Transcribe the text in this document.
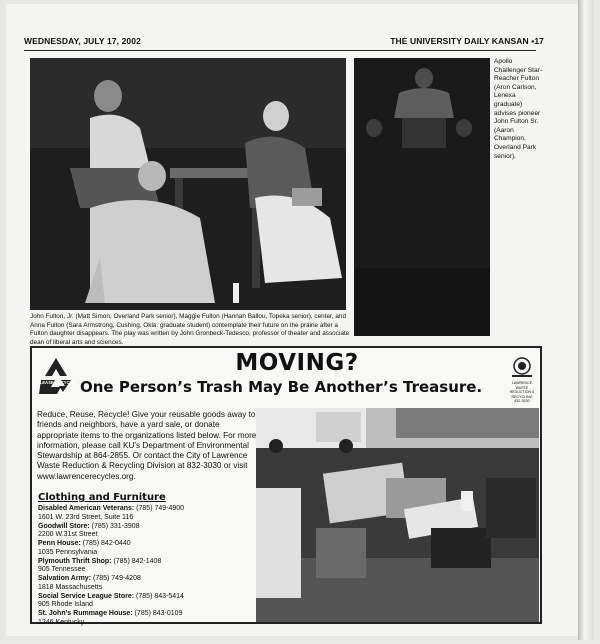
WEDNESDAY, JULY 17, 2002	THE UNIVERSITY DAILY KANSAN ▪17
Apollo Challenger Star-Reacher Fulton (Aron Carlson, Lenexa graduate) advises pioneer John Fulton Sr. (Aaron Champion, Overland Park senior).
John Fulton, Jr. (Matt Simon, Overland Park senior), Maggie Fulton (Hannah Ballou, Topeka senior), center, and Anna Fulton (Sara Armstrong, Cushing, Okla. graduate student) contemplate their future on the prairie after a Fulton daughter disappears. The play was written by John Gronbeck-Tedesco, professor of theater and associate dean of liberal arts and sciences.
PLEASE RECYCLE
MOVING?
One Person’s Trash May Be Another’s Treasure.	LAWRENCE WASTE REDUCTION & RECYCLING 832-3030
Reduce, Reuse, Recycle! Give your reusable goods away to friends and neighbors, have a yard sale, or donate appropriate items to the organizations listed below. For more information, please call KU’s Department of Environmental Stewardship at 864-2855. Or contact the City of Lawrence Waste Reduction & Recycling Division at 832-3030 or visit www.lawrencerecycles.org.
Clothing and Furniture
Disabled American Veterans: (785) 749-4900
1601 W. 23rd Street, Suite 116
Goodwill Store: (785) 331-3908
2200 W.31st Street
Penn House: (785) 842-0440
1035 Pennsylvania
Plymouth Thrift Shop: (785) 842-1408
905 Tennessee
Salvation Army: (785) 749-4208
1818 Massachusetts
Social Service League Store: (785) 843-5414
905 Rhode Island
St. John’s Rummage House: (785) 843-0109
1246 Kentucky
